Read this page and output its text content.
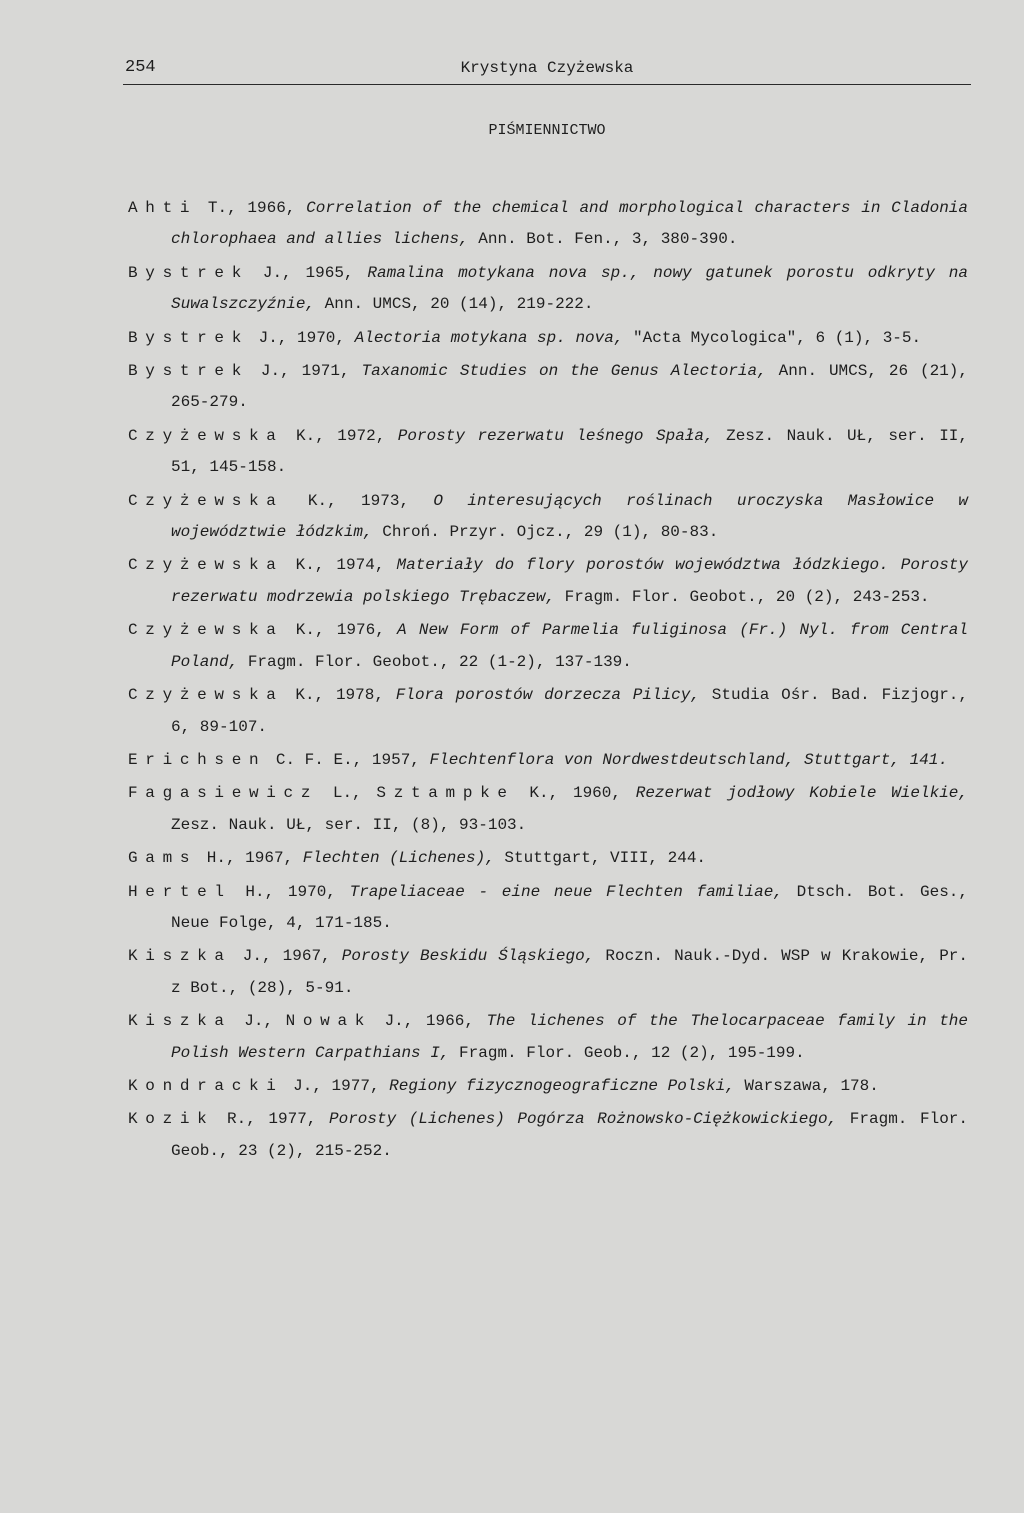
254	Krystyna Czyżewska
PIŚMIENNICTWO

Ahti T., 1966, Correlation of the chemical and morphological characters in Cladonia chlorophaea and allies lichens, Ann. Bot. Fen., 3, 380-390.

Bystrek J., 1965, Ramalina motykana nova sp., nowy gatunek porostu odkryty na Suwalszczyźnie, Ann. UMCS, 20 (14), 219-222.

Bystrek J., 1970, Alectoria motykana sp. nova, "Acta Mycologica", 6 (1), 3-5.

Bystrek J., 1971, Taxanomic Studies on the Genus Alectoria, Ann. UMCS, 26 (21), 265-279.

Czyżewska K., 1972, Porosty rezerwatu leśnego Spała, Zesz. Nauk. UŁ, ser. II, 51, 145-158.

Czyżewska K., 1973, O interesujących roślinach uroczyska Masłowice w województwie łódzkim, Chroń. Przyr. Ojcz., 29 (1), 80-83.

Czyżewska K., 1974, Materiały do flory porostów województwa łódzkiego. Porosty rezerwatu modrzewia polskiego Trębaczew, Fragm. Flor. Geobot., 20 (2), 243-253.

Czyżewska K., 1976, A New Form of Parmelia fuliginosa (Fr.) Nyl. from Central Poland, Fragm. Flor. Geobot., 22 (1-2), 137-139.

Czyżewska K., 1978, Flora porostów dorzecza Pilicy, Studia Ośr. Bad. Fizjogr., 6, 89-107.

Erichsen C. F. E., 1957, Flechtenflora von Nordwestdeutschland, Stuttgart, 141.

Fagasiewicz L., Sztampke K., 1960, Rezerwat jodłowy Kobiele Wielkie, Zesz. Nauk. UŁ, ser. II, (8), 93-103.

Gams H., 1967, Flechten (Lichenes), Stuttgart, VIII, 244.

Hertel H., 1970, Trapeliaceae - eine neue Flechten familiae, Dtsch. Bot. Ges., Neue Folge, 4, 171-185.

Kiszka J., 1967, Porosty Beskidu Śląskiego, Roczn. Nauk.-Dyd. WSP w Krakowie, Pr. z Bot., (28), 5-91.

Kiszka J., Nowak J., 1966, The lichenes of the Thelocarpaceae family in the Polish Western Carpathians I, Fragm. Flor. Geob., 12 (2), 195-199.

Kondracki J., 1977, Regiony fizycznogeograficzne Polski, Warszawa, 178.

Kozik R., 1977, Porosty (Lichenes) Pogórza Rożnowsko-Ciężkowickiego, Fragm. Flor. Geob., 23 (2), 215-252.
